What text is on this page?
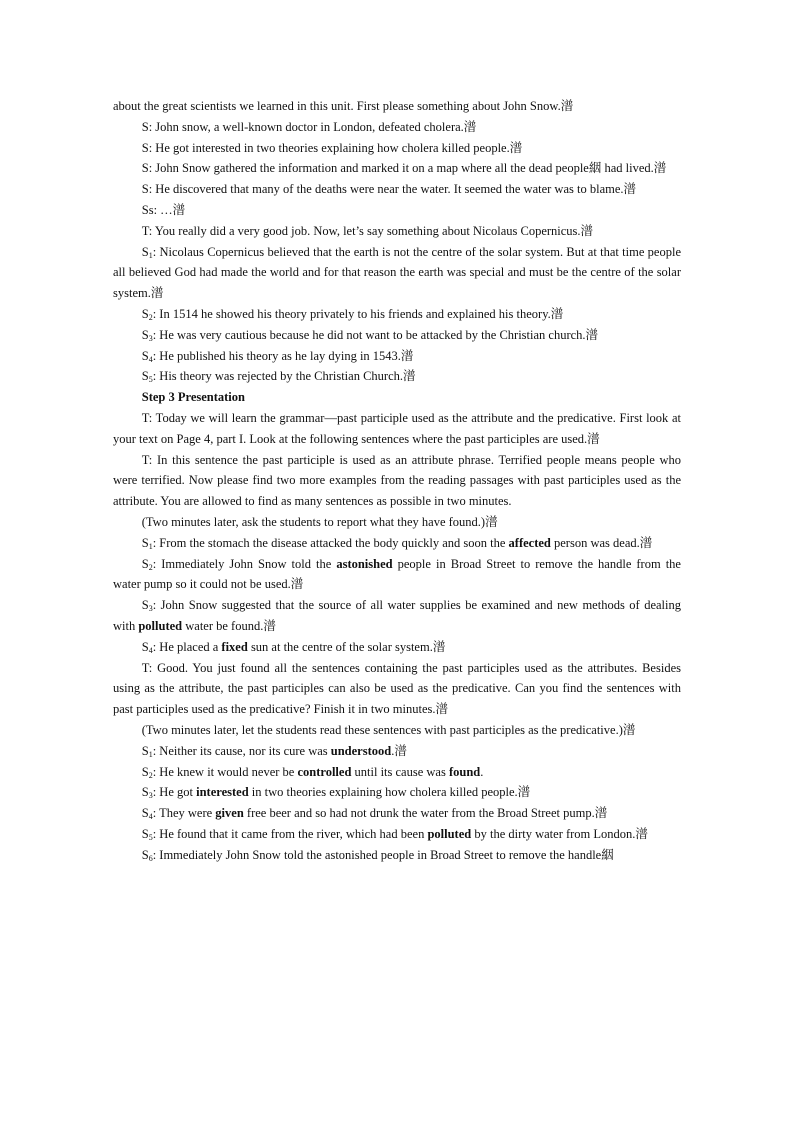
about the great scientists we learned in this unit. First please something about John Snow.潽

S: John snow, a well-known doctor in London, defeated cholera.潽

S: He got interested in two theories explaining how cholera killed people.潽

S: John Snow gathered the information and marked it on a map where all the dead people絪 had lived.潽

S: He discovered that many of the deaths were near the water. It seemed the water was to blame.潽

Ss: …潽

T: You really did a very good job. Now, let’s say something about Nicolaus Copernicus.潽

$S_1$: Nicolaus Copernicus believed that the earth is not the centre of the solar system. But at that time people all believed God had made the world and for that reason the earth was special and must be the centre of the solar system.潽

$S_2$: In 1514 he showed his theory privately to his friends and explained his theory.潽

$S_3$: He was very cautious because he did not want to be attacked by the Christian church.潽

$S_4$: He published his theory as he lay dying in 1543.潽

$S_5$: His theory was rejected by the Christian Church.潽

Step 3 Presentation

T: Today we will learn the grammar—past participle used as the attribute and the predicative. First look at your text on Page 4, part I. Look at the following sentences where the past participles are used.潽

T: In this sentence the past participle is used as an attribute phrase. Terrified people means people who were terrified. Now please find two more examples from the reading passages with past participles used as the attribute. You are allowed to find as many sentences as possible in two minutes.

(Two minutes later, ask the students to report what they have found.)潽

$S_1$: From the stomach the disease attacked the body quickly and soon the affected person was dead.潽

$S_2$: Immediately John Snow told the astonished people in Broad Street to remove the handle from the water pump so it could not be used.潽

$S_3$: John Snow suggested that the source of all water supplies be examined and new methods of dealing with polluted water be found.潽

$S_4$: He placed a fixed sun at the centre of the solar system.潽

T: Good. You just found all the sentences containing the past participles used as the attributes. Besides using as the attribute, the past participles can also be used as the predicative. Can you find the sentences with past participles used as the predicative? Finish it in two minutes.潽

(Two minutes later, let the students read these sentences with past participles as the predicative.)潽

$S_1$: Neither its cause, nor its cure was understood.潽

$S_2$: He knew it would never be controlled until its cause was found.

$S_3$: He got interested in two theories explaining how cholera killed people.潽

$S_4$: They were given free beer and so had not drunk the water from the Broad Street pump.潽

$S_5$: He found that it came from the river, which had been polluted by the dirty water from London.潽

$S_6$: Immediately John Snow told the astonished people in Broad Street to remove the handle絪
